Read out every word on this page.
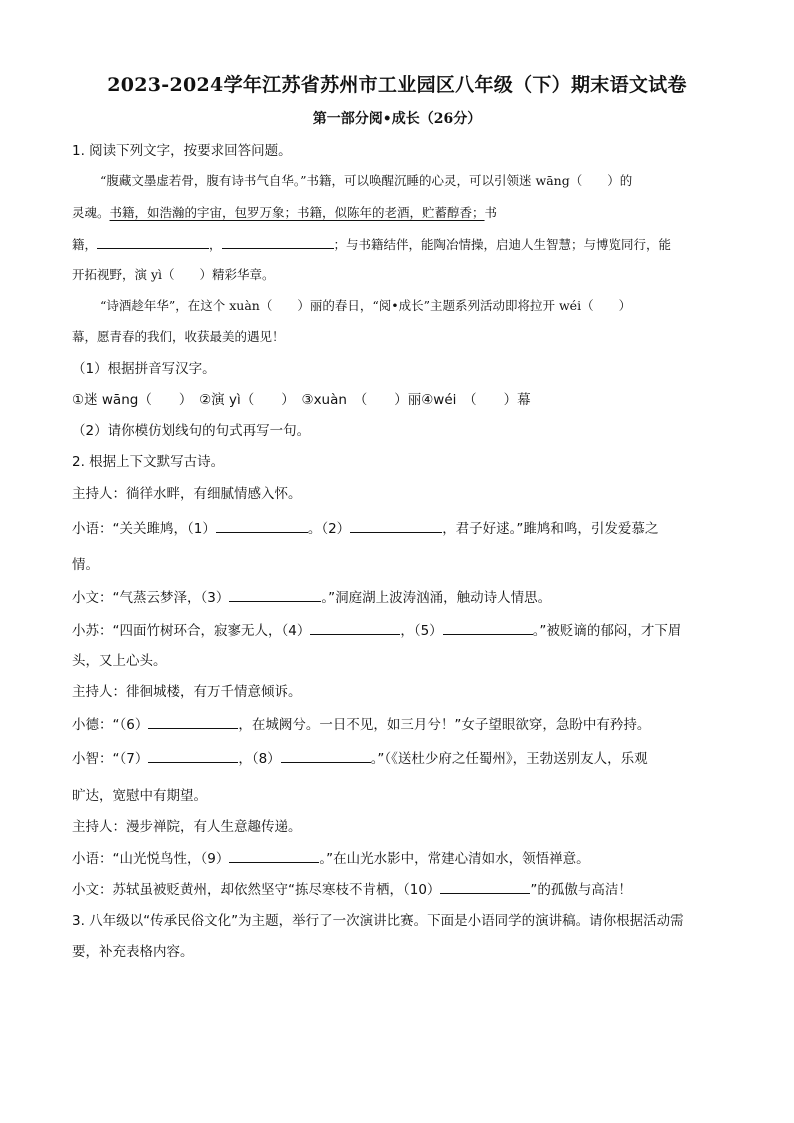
2023-2024学年江苏省苏州市工业园区八年级（下）期末语文试卷
第一部分阅•成长（26分）
1. 阅读下列文字，按要求回答问题。
“腹藏文墨虚若骨，腹有诗书气自华。”书籍，可以唤醒沉睡的心灵，可以引领迷 wāng（　　）的
灵魂。书籍，如浩瀚的宇宙，包罗万象；书籍，似陈年的老酒，贮蓄醇香；书
籍，	，	；与书籍结伴，能陶冶情操，启迪人生智慧；与博览同行，能
开拓视野，演 yì（　　）精彩华章。
“诗酒趁年华”，在这个 xuàn（　　）丽的春日，“阅•成长”主题系列活动即将拉开 wéi（　　）
幕，愿青春的我们，收获最美的遇见！
（1）根据拼音写汉字。
①迷 wāng（　　）　②演 yì（　　）　③xuàn　（　　）丽④wéi　（　　）幕
（2）请你模仿划线句的句式再写一句。
2. 根据上下文默写古诗。
主持人：徜徉水畔，有细腻情感入怀。
小语：“关关雎鸠，（1）	。（2）	，君子好逑。”雎鸠和鸣，引发爱慕之
情。
小文：“气蒸云梦泽，（3）	。”洞庭湖上波涛汹涌，触动诗人情思。
小苏：“四面竹树环合，寂寥无人，（4）	，（5）	。”被贬谪的郁闷，才下眉
头，又上心头。
主持人：徘徊城楼，有万千情意倾诉。
小德：“（6）	，在城阙兮。一日不见，如三月兮！”女子望眼欲穿，急盼中有矜持。
小智：“（7）	，（8）	。”（《送杜少府之任蜀州》，王勃送别友人，乐观
旷达，宽慰中有期望。
主持人：漫步禅院，有人生意趣传递。
小语：“山光悦鸟性，（9）	。”在山光水影中，常建心清如水，领悟禅意。
小文：苏轼虽被贬黄州，却依然坚守“拣尽寒枝不肯栖，（10）	”的孤傲与高洁！
3. 八年级以“传承民俗文化”为主题，举行了一次演讲比赛。下面是小语同学的演讲稿。请你根据活动需
要，补充表格内容。
